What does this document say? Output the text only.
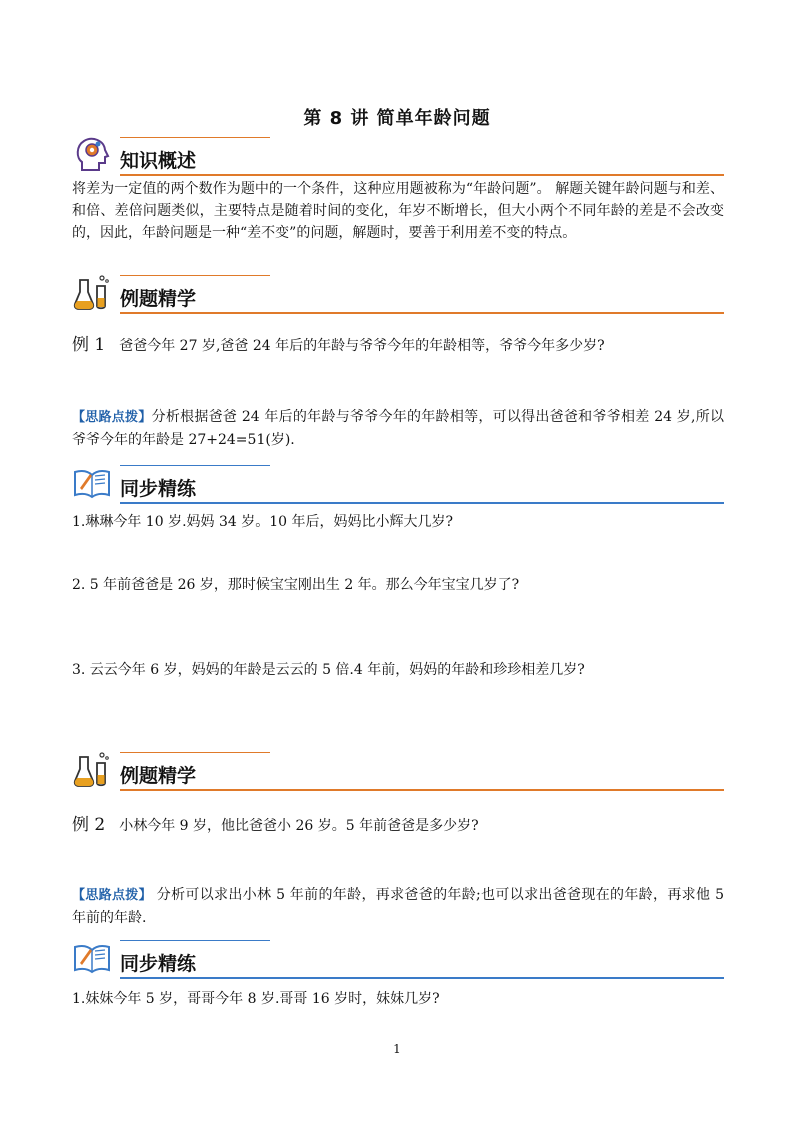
第 8 讲 简单年龄问题
知识概述
将差为一定值的两个数作为题中的一个条件，这种应用题被称为“年龄问题”。 解题关键年龄问题与和差、和倍、差倍问题类似，主要特点是随着时间的变化，年岁不断增长，但大小两个不同年龄的差是不会改变的，因此，年龄问题是一种“差不变”的问题，解题时，要善于利用差不变的特点。
例题精学
例 1 爸爸今年 27 岁,爸爸 24 年后的年龄与爷爷今年的年龄相等，爷爷今年多少岁?
【思路点拨】分析根据爸爸 24 年后的年龄与爷爷今年的年龄相等，可以得出爸爸和爷爷相差 24 岁,所以爷爷今年的年龄是 27+24=51(岁).
同步精练
1.琳琳今年 10 岁.妈妈 34 岁。10 年后，妈妈比小辉大几岁?
2. 5 年前爸爸是 26 岁，那时候宝宝刚出生 2 年。那么今年宝宝几岁了?
3. 云云今年 6 岁，妈妈的年龄是云云的 5 倍.4 年前，妈妈的年龄和珍珍相差几岁?
例题精学
例 2 小林今年 9 岁，他比爸爸小 26 岁。5 年前爸爸是多少岁?
【思路点拨】 分析可以求出小林 5 年前的年龄，再求爸爸的年龄;也可以求出爸爸现在的年龄，再求他 5 年前的年龄.
同步精练
1.妹妹今年 5 岁，哥哥今年 8 岁.哥哥 16 岁时，妹妹几岁?
1
